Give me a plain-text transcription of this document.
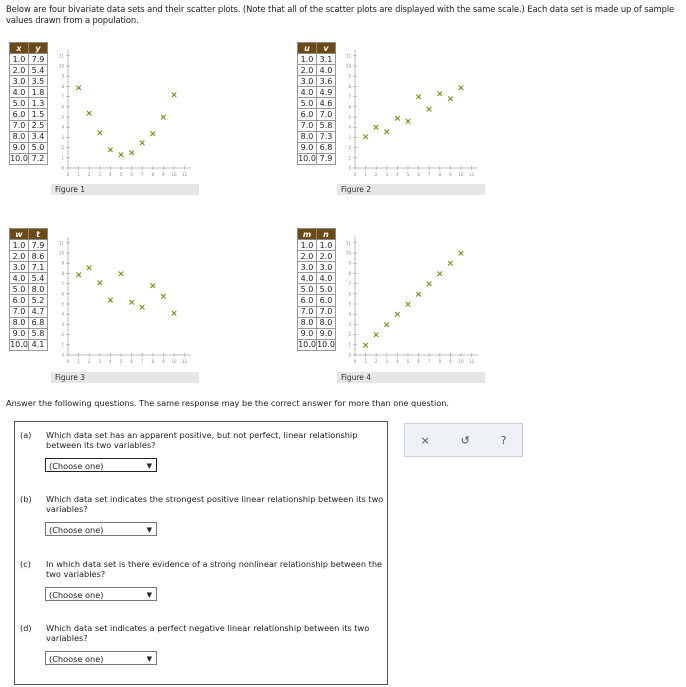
Below are four bivariate data sets and their scatter plots. (Note that all of the scatter plots are displayed with the same scale.) Each data set is made up of sample values drawn from a population.
x	y
1.0	7.9
2.0	5.4
3.0	3.5
4.0	1.8
5.0	1.3
6.0	1.5
7.0	2.5
8.0	3.4
9.0	5.0
10.0	7.2
Figure 1
u	v
1.0	3.1
2.0	4.0
3.0	3.6
4.0	4.9
5.0	4.6
6.0	7.0
7.0	5.8
8.0	7.3
9.0	6.8
10.0	7.9
Figure 2
w	t
1.0	7.9
2.0	8.6
3.0	7.1
4.0	5.4
5.0	8.0
6.0	5.2
7.0	4.7
8.0	6.8
9.0	5.8
10.0	4.1
Figure 3
m	n
1.0	1.0
2.0	2.0
3.0	3.0
4.0	4.0
5.0	5.0
6.0	6.0
7.0	7.0
8.0	8.0
9.0	9.0
10.0	10.0
Figure 4
0 1 2 3 4 5 6 7 8 9 10 11
0
1
2
3
4
5
6
7
8
9
10
11
×
×
×
×
× ×
×
×
×
×
0 1 2 3 4 5 6 7 8 9 10 11
0
1
2
3
4
5
6
7
8
9
10
11
×
× ×
× ×
×
×
×
×
×
0 1 2 3 4 5 6 7 8 9 10 11
0
1
2
3
4
5
6
7
8
9
10
11
×
×
×
×
×
×
×
×
×
×
0 1 2 3 4 5 6 7 8 9 10 11
0
1
2
3
4
5
6
7
8
9
10
11
×
×
×
×
×
×
×
×
×
×
Answer the following questions. The same response may be the correct answer for more than one question.
(a) Which data set has an apparent positive, but not perfect, linear relationship between its two variables?
(Choose one)	▼
(b) Which data set indicates the strongest positive linear relationship between its two variables?
(Choose one)	▼
(c) In which data set is there evidence of a strong nonlinear relationship between the two variables?
(Choose one)	▼
(d) Which data set indicates a perfect negative linear relationship between its two variables?
(Choose one)	▼
×	↺	?
